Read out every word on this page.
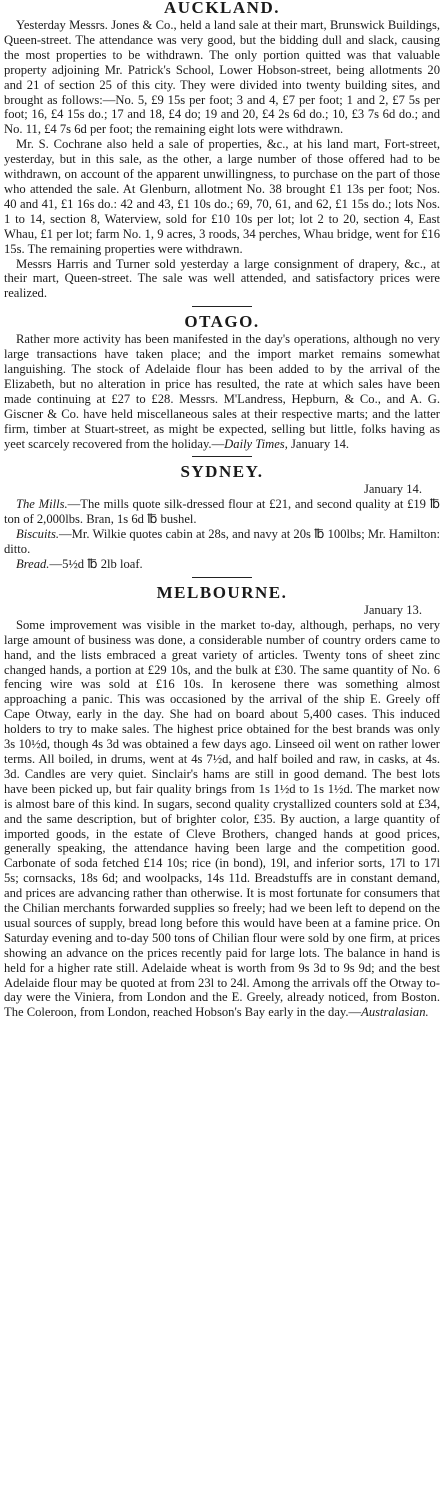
AUCKLAND.

Yesterday Messrs. Jones & Co., held a land sale at their mart, Brunswick Buildings, Queen-street. The attendance was very good, but the bidding dull and slack, causing the most properties to be withdrawn. The only portion quitted was that valuable property adjoining Mr. Patrick's School, Lower Hobson-street, being allotments 20 and 21 of section 25 of this city. They were divided into twenty building sites, and brought as follows:—No. 5, £9 15s per foot; 3 and 4, £7 per foot; 1 and 2, £7 5s per foot; 16, £4 15s do.; 17 and 18, £4 do; 19 and 20, £4 2s 6d do.; 10, £3 7s 6d do.; and No. 11, £4 7s 6d per foot; the remaining eight lots were withdrawn.

Mr. S. Cochrane also held a sale of properties, &c., at his land mart, Fort-street, yesterday, but in this sale, as the other, a large number of those offered had to be withdrawn, on account of the apparent unwillingness, to purchase on the part of those who attended the sale. At Glenburn, allotment No. 38 brought £1 13s per foot; Nos. 40 and 41, £1 16s do.: 42 and 43, £1 10s do.; 69, 70, 61, and 62, £1 15s do.; lots Nos. 1 to 14, section 8, Waterview, sold for £10 10s per lot; lot 2 to 20, section 4, East Whau, £1 per lot; farm No. 1, 9 acres, 3 roods, 34 perches, Whau bridge, went for £16 15s. The remaining properties were withdrawn.

Messrs Harris and Turner sold yesterday a large consignment of drapery, &c., at their mart, Queen-street. The sale was well attended, and satisfactory prices were realized.

OTAGO.

Rather more activity has been manifested in the day's operations, although no very large transactions have taken place; and the import market remains somewhat languishing. The stock of Adelaide flour has been added to by the arrival of the Elizabeth, but no alteration in price has resulted, the rate at which sales have been made continuing at £27 to £28. Messrs. M'Landress, Hepburn, & Co., and A. G. Giscner & Co. have held miscellaneous sales at their respective marts; and the latter firm, timber at Stuart-street, as might be expected, selling but little, folks having as yeet scarcely recovered from the holiday.—Daily Times, January 14.

SYDNEY.

January 14.

The Mills.—The mills quote silk-dressed flour at £21, and second quality at £19 ℔ ton of 2,000lbs. Bran, 1s 6d ℔ bushel.

Biscuits.—Mr. Wilkie quotes cabin at 28s, and navy at 20s ℔ 100lbs; Mr. Hamilton: ditto.

Bread.—5½d ℔ 2lb loaf.

MELBOURNE.

January 13.

Some improvement was visible in the market to-day, although, perhaps, no very large amount of business was done, a considerable number of country orders came to hand, and the lists embraced a great variety of articles. Twenty tons of sheet zinc changed hands, a portion at £29 10s, and the bulk at £30. The same quantity of No. 6 fencing wire was sold at £16 10s. In kerosene there was something almost approaching a panic. This was occasioned by the arrival of the ship E. Greely off Cape Otway, early in the day. She had on board about 5,400 cases. This induced holders to try to make sales. The highest price obtained for the best brands was only 3s 10½d, though 4s 3d was obtained a few days ago. Linseed oil went on rather lower terms. All boiled, in drums, went at 4s 7½d, and half boiled and raw, in casks, at 4s. 3d. Candles are very quiet. Sinclair's hams are still in good demand. The best lots have been picked up, but fair quality brings from 1s 1½d to 1s 1½d. The market now is almost bare of this kind. In sugars, second quality crystallized counters sold at £34, and the same description, but of brighter color, £35. By auction, a large quantity of imported goods, in the estate of Cleve Brothers, changed hands at good prices, generally speaking, the attendance having been large and the competition good. Carbonate of soda fetched £14 10s; rice (in bond), 19l, and inferior sorts, 17l to 17l 5s; cornsacks, 18s 6d; and woolpacks, 14s 11d. Breadstuffs are in constant demand, and prices are advancing rather than otherwise. It is most fortunate for consumers that the Chilian merchants forwarded supplies so freely; had we been left to depend on the usual sources of supply, bread long before this would have been at a famine price. On Saturday evening and to-day 500 tons of Chilian flour were sold by one firm, at prices showing an advance on the prices recently paid for large lots. The balance in hand is held for a higher rate still. Adelaide wheat is worth from 9s 3d to 9s 9d; and the best Adelaide flour may be quoted at from 23l to 24l. Among the arrivals off the Otway to-day were the Viniera, from London and the E. Greely, already noticed, from Boston. The Coleroon, from London, reached Hobson's Bay early in the day.—Australasian.
